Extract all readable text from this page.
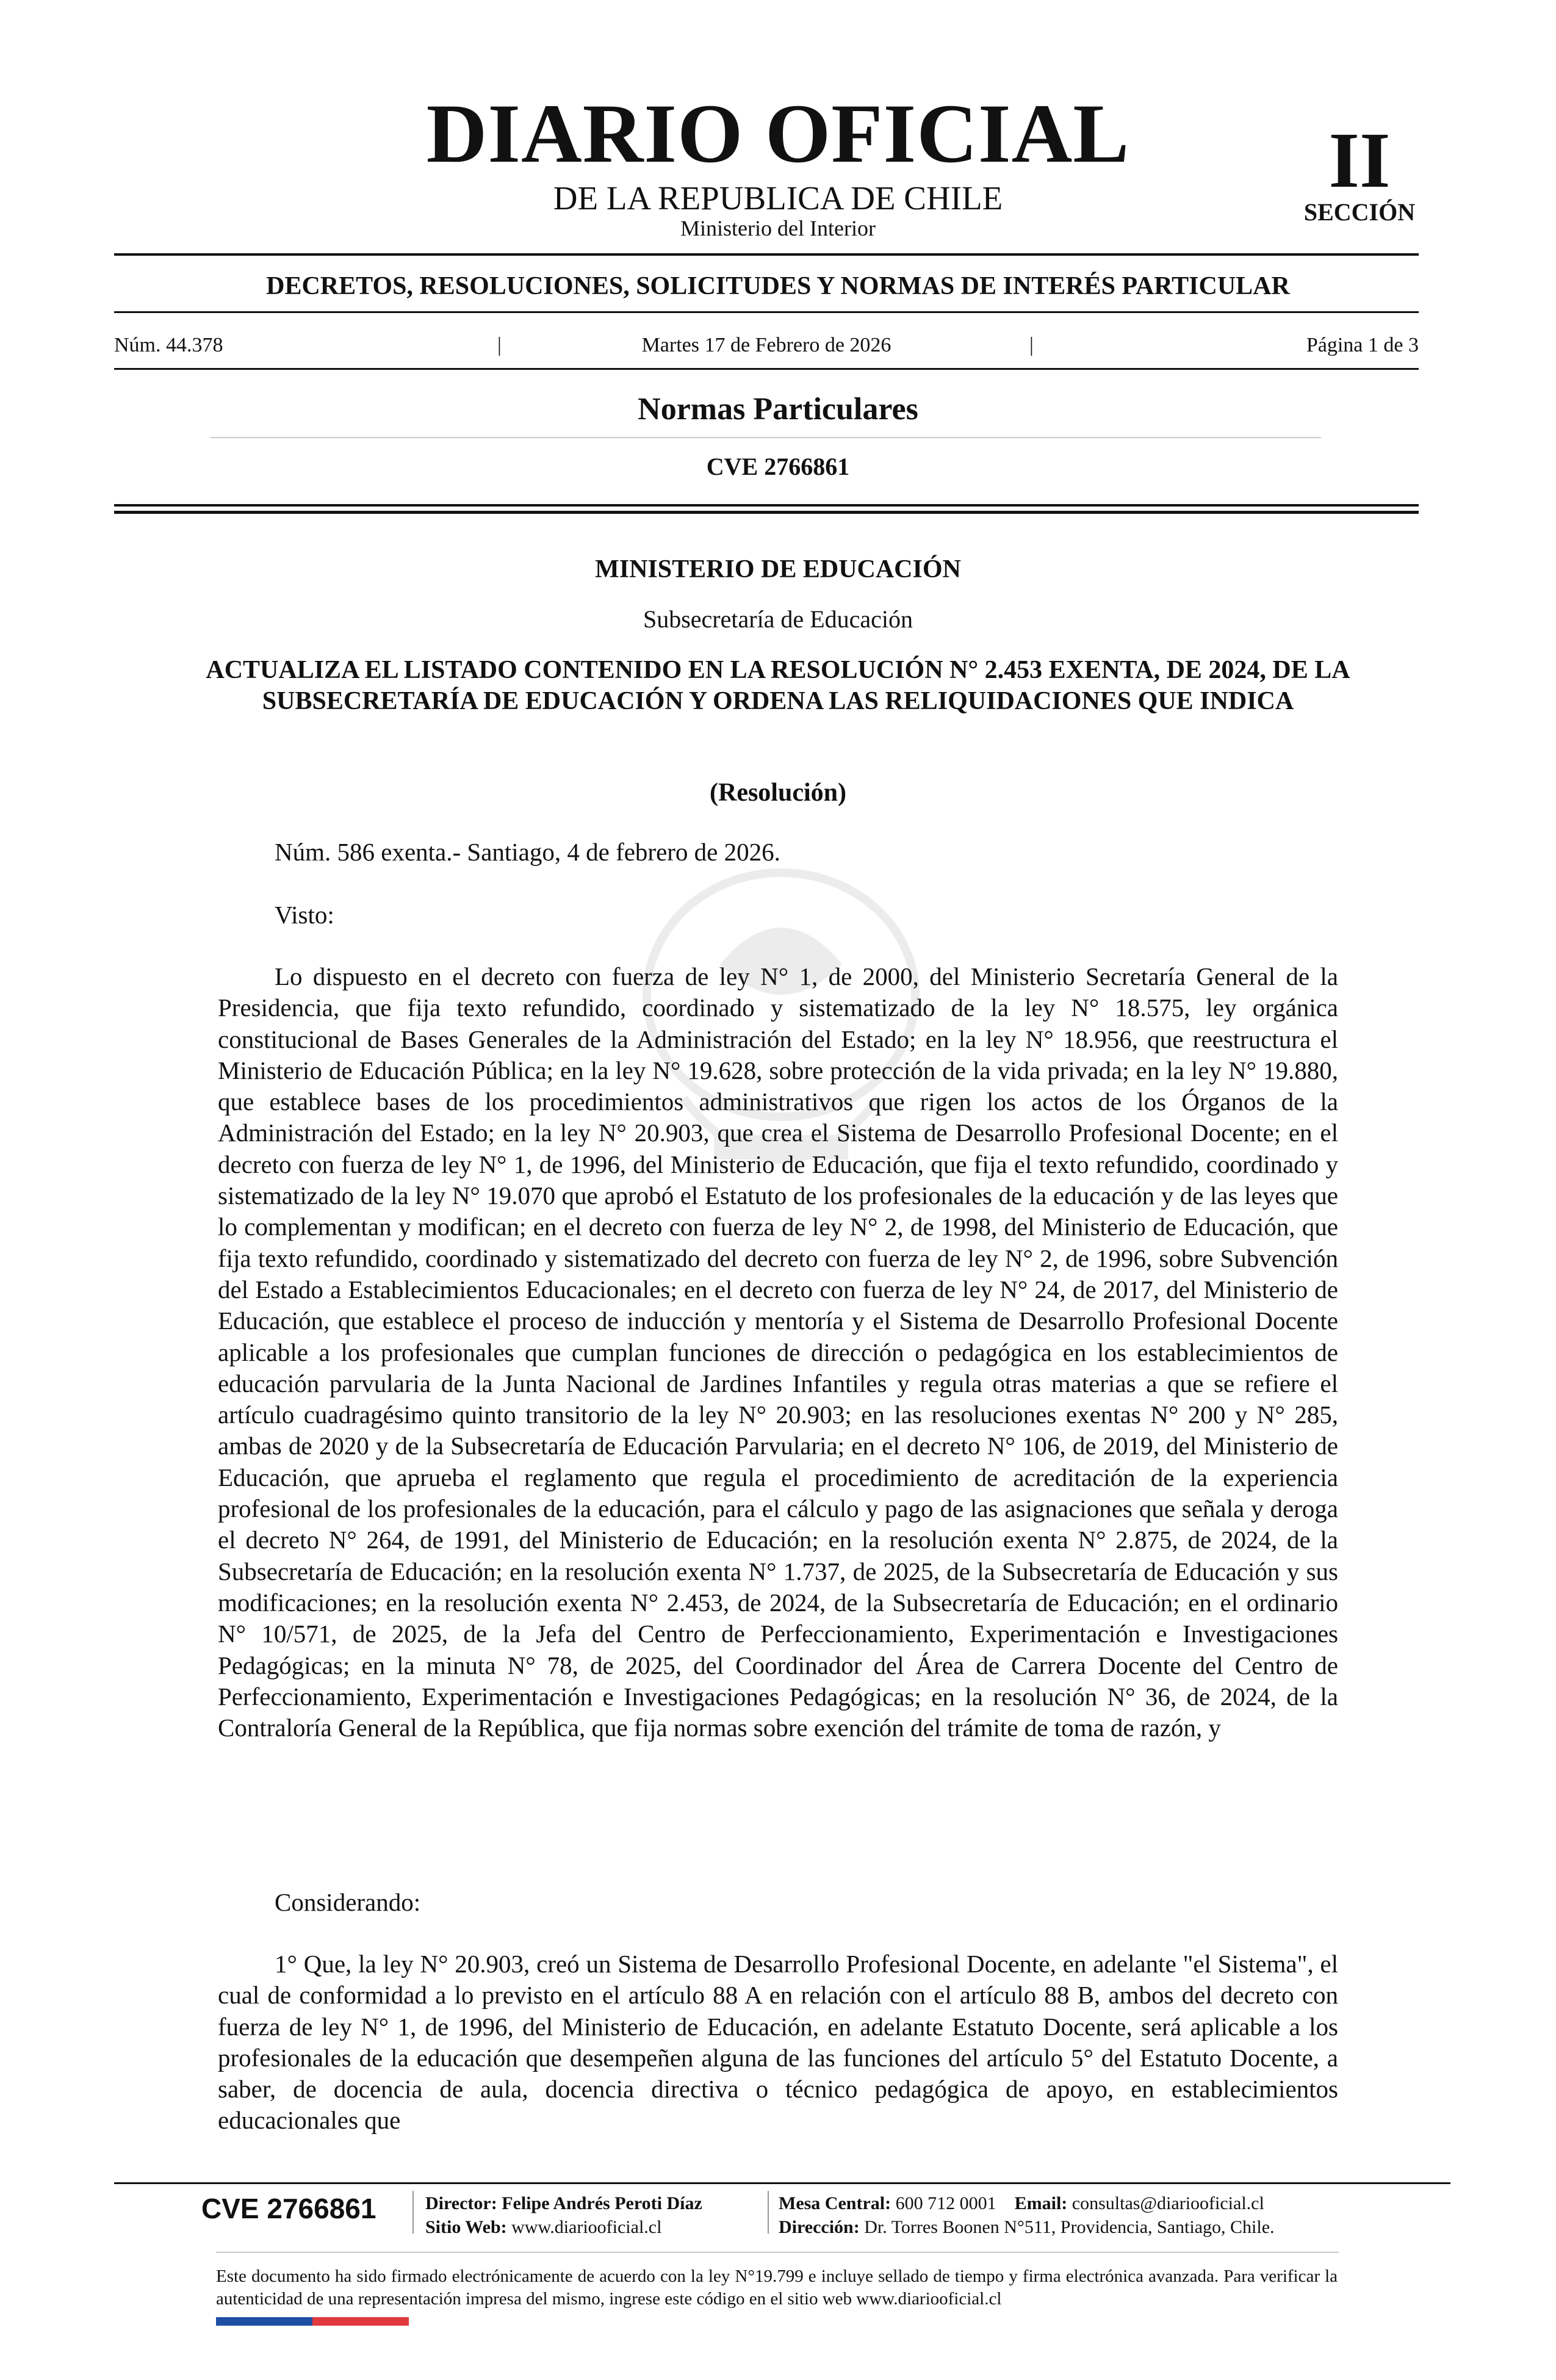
DIARIO OFICIAL
DE LA REPUBLICA DE CHILE
Ministerio del Interior
II
SECCIÓN
DECRETOS, RESOLUCIONES, SOLICITUDES Y NORMAS DE INTERÉS PARTICULAR
Núm. 44.378	|	Martes 17 de Febrero de 2026	|	Página 1 de 3
Normas Particulares
CVE 2766861
MINISTERIO DE EDUCACIÓN
Subsecretaría de Educación
ACTUALIZA EL LISTADO CONTENIDO EN LA RESOLUCIÓN N° 2.453 EXENTA, DE 2024, DE LA SUBSECRETARÍA DE EDUCACIÓN Y ORDENA LAS RELIQUIDACIONES QUE INDICA
(Resolución)
Núm. 586 exenta.- Santiago, 4 de febrero de 2026.
Visto:
Lo dispuesto en el decreto con fuerza de ley N° 1, de 2000, del Ministerio Secretaría General de la Presidencia, que fija texto refundido, coordinado y sistematizado de la ley N° 18.575, ley orgánica constitucional de Bases Generales de la Administración del Estado; en la ley N° 18.956, que reestructura el Ministerio de Educación Pública; en la ley N° 19.628, sobre protección de la vida privada; en la ley N° 19.880, que establece bases de los procedimientos administrativos que rigen los actos de los Órganos de la Administración del Estado; en la ley N° 20.903, que crea el Sistema de Desarrollo Profesional Docente; en el decreto con fuerza de ley N° 1, de 1996, del Ministerio de Educación, que fija el texto refundido, coordinado y sistematizado de la ley N° 19.070 que aprobó el Estatuto de los profesionales de la educación y de las leyes que lo complementan y modifican; en el decreto con fuerza de ley N° 2, de 1998, del Ministerio de Educación, que fija texto refundido, coordinado y sistematizado del decreto con fuerza de ley N° 2, de 1996, sobre Subvención del Estado a Establecimientos Educacionales; en el decreto con fuerza de ley N° 24, de 2017, del Ministerio de Educación, que establece el proceso de inducción y mentoría y el Sistema de Desarrollo Profesional Docente aplicable a los profesionales que cumplan funciones de dirección o pedagógica en los establecimientos de educación parvularia de la Junta Nacional de Jardines Infantiles y regula otras materias a que se refiere el artículo cuadragésimo quinto transitorio de la ley N° 20.903; en las resoluciones exentas N° 200 y N° 285, ambas de 2020 y de la Subsecretaría de Educación Parvularia; en el decreto N° 106, de 2019, del Ministerio de Educación, que aprueba el reglamento que regula el procedimiento de acreditación de la experiencia profesional de los profesionales de la educación, para el cálculo y pago de las asignaciones que señala y deroga el decreto N° 264, de 1991, del Ministerio de Educación; en la resolución exenta N° 2.875, de 2024, de la Subsecretaría de Educación; en la resolución exenta N° 1.737, de 2025, de la Subsecretaría de Educación y sus modificaciones; en la resolución exenta N° 2.453, de 2024, de la Subsecretaría de Educación; en el ordinario N° 10/571, de 2025, de la Jefa del Centro de Perfeccionamiento, Experimentación e Investigaciones Pedagógicas; en la minuta N° 78, de 2025, del Coordinador del Área de Carrera Docente del Centro de Perfeccionamiento, Experimentación e Investigaciones Pedagógicas; en la resolución N° 36, de 2024, de la Contraloría General de la República, que fija normas sobre exención del trámite de toma de razón, y
Considerando:
1° Que, la ley N° 20.903, creó un Sistema de Desarrollo Profesional Docente, en adelante "el Sistema", el cual de conformidad a lo previsto en el artículo 88 A en relación con el artículo 88 B, ambos del decreto con fuerza de ley N° 1, de 1996, del Ministerio de Educación, en adelante Estatuto Docente, será aplicable a los profesionales de la educación que desempeñen alguna de las funciones del artículo 5° del Estatuto Docente, a saber, de docencia de aula, docencia directiva o técnico pedagógica de apoyo, en establecimientos educacionales que
CVE 2766861	Director: Felipe Andrés Peroti Díaz
Sitio Web: www.diariooficial.cl
Mesa Central: 600 712 0001 Email: consultas@diariooficial.cl
Dirección: Dr. Torres Boonen N°511, Providencia, Santiago, Chile.
Este documento ha sido firmado electrónicamente de acuerdo con la ley N°19.799 e incluye sellado de tiempo y firma electrónica avanzada. Para verificar la autenticidad de una representación impresa del mismo, ingrese este código en el sitio web www.diariooficial.cl
